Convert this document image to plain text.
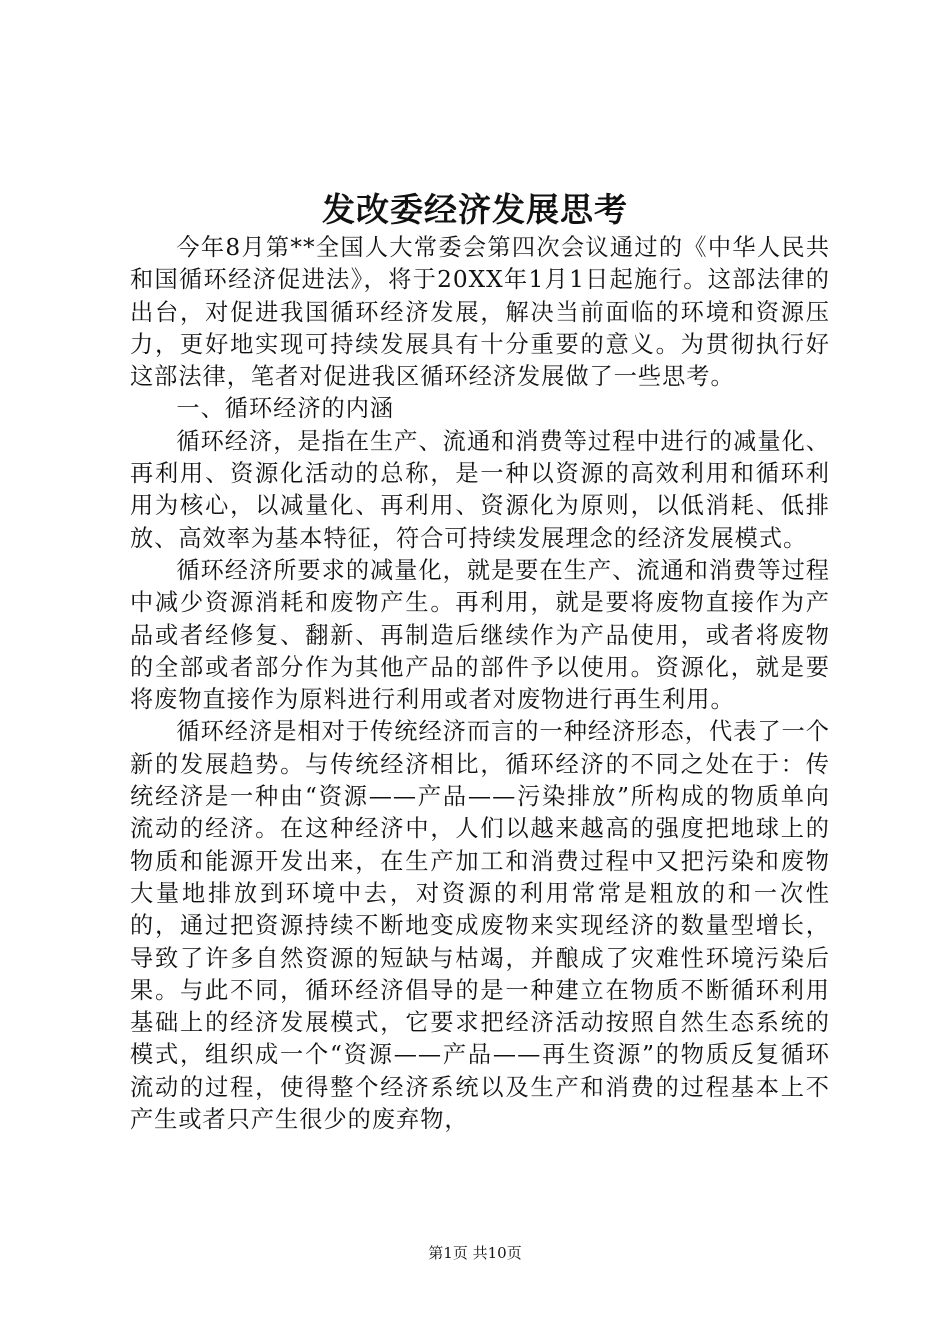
发改委经济发展思考

今年8月第**全国人大常委会第四次会议通过的《中华人民共和国循环经济促进法》，将于20XX年1月1日起施行。这部法律的出台，对促进我国循环经济发展，解决当前面临的环境和资源压力，更好地实现可持续发展具有十分重要的意义。为贯彻执行好这部法律，笔者对促进我区循环经济发展做了一些思考。

一、循环经济的内涵

循环经济，是指在生产、流通和消费等过程中进行的减量化、再利用、资源化活动的总称，是一种以资源的高效利用和循环利用为核心，以减量化、再利用、资源化为原则，以低消耗、低排放、高效率为基本特征，符合可持续发展理念的经济发展模式。

循环经济所要求的减量化，就是要在生产、流通和消费等过程中减少资源消耗和废物产生。再利用，就是要将废物直接作为产品或者经修复、翻新、再制造后继续作为产品使用，或者将废物的全部或者部分作为其他产品的部件予以使用。资源化，就是要将废物直接作为原料进行利用或者对废物进行再生利用。

循环经济是相对于传统经济而言的一种经济形态，代表了一个新的发展趋势。与传统经济相比，循环经济的不同之处在于：传统经济是一种由“资源——产品——污染排放”所构成的物质单向流动的经济。在这种经济中，人们以越来越高的强度把地球上的物质和能源开发出来，在生产加工和消费过程中又把污染和废物大量地排放到环境中去，对资源的利用常常是粗放的和一次性的，通过把资源持续不断地变成废物来实现经济的数量型增长，导致了许多自然资源的短缺与枯竭，并酿成了灾难性环境污染后果。与此不同，循环经济倡导的是一种建立在物质不断循环利用基础上的经济发展模式，它要求把经济活动按照自然生态系统的模式，组织成一个“资源——产品——再生资源”的物质反复循环流动的过程，使得整个经济系统以及生产和消费的过程基本上不产生或者只产生很少的废弃物，

第1页 共10页
